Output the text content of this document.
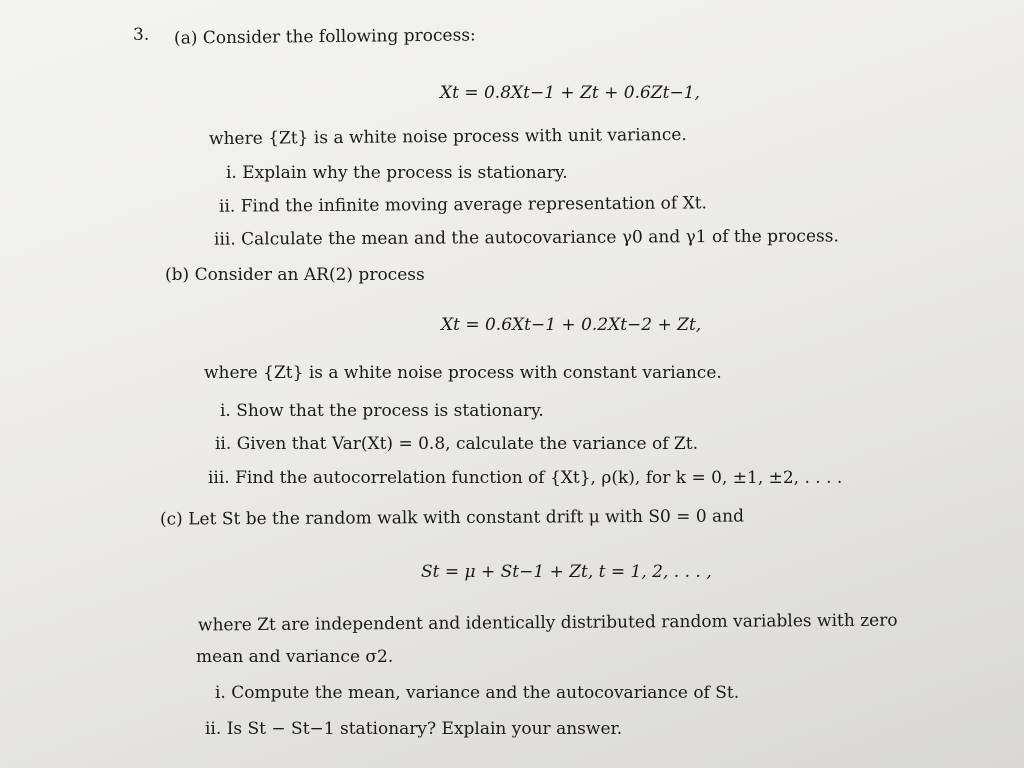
3. (a) Consider the following process:
Xt = 0.8Xt−1 + Zt + 0.6Zt−1,
where {Zt} is a white noise process with unit variance.
i. Explain why the process is stationary.
ii. Find the infinite moving average representation of Xt.
iii. Calculate the mean and the autocovariance γ0 and γ1 of the process.
(b) Consider an AR(2) process
Xt = 0.6Xt−1 + 0.2Xt−2 + Zt,
where {Zt} is a white noise process with constant variance.
i. Show that the process is stationary.
ii. Given that Var(Xt) = 0.8, calculate the variance of Zt.
iii. Find the autocorrelation function of {Xt}, ρ(k), for k = 0, ±1, ±2, . . . .
(c) Let St be the random walk with constant drift μ with S0 = 0 and
St = μ + St−1 + Zt, t = 1, 2, . . . ,
where Zt are independent and identically distributed random variables with zero
mean and variance σ2.
i. Compute the mean, variance and the autocovariance of St.
ii. Is St − St−1 stationary? Explain your answer.
